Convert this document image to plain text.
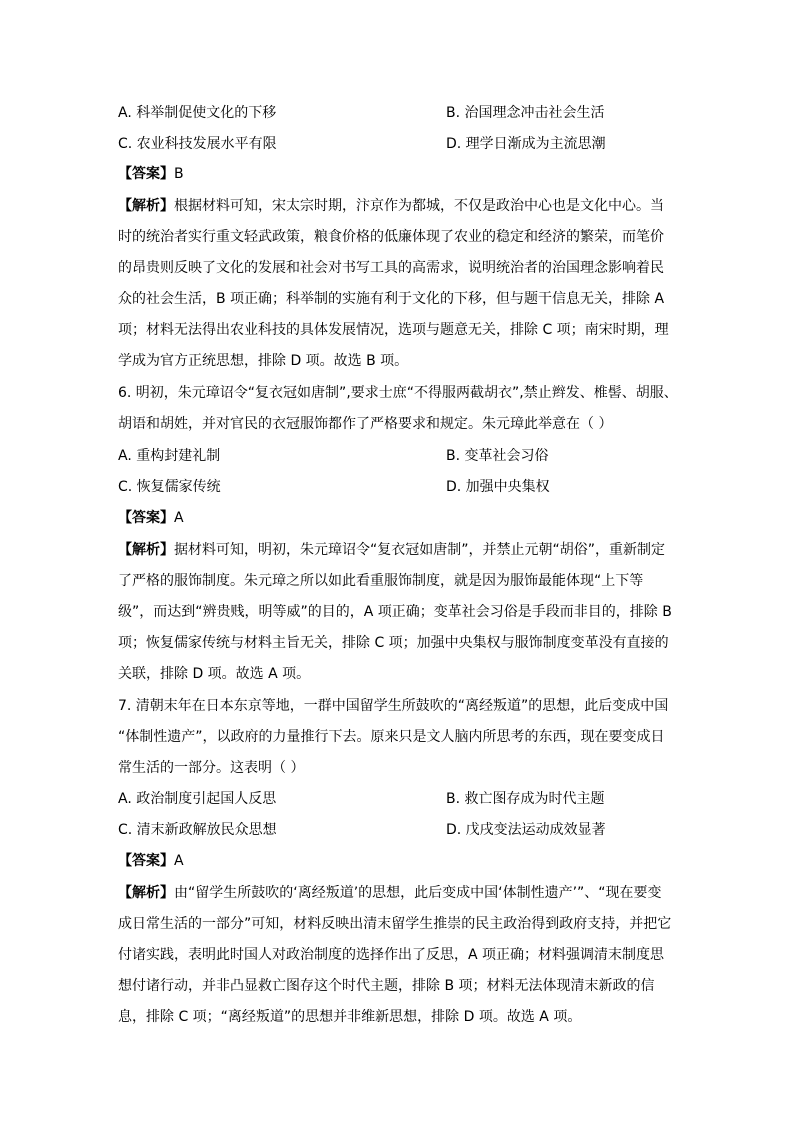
A. 科举制促使文化的下移	B. 治国理念冲击社会生活
C. 农业科技发展水平有限	D. 理学日渐成为主流思潮
【答案】B
【解析】根据材料可知，宋太宗时期，汴京作为都城，不仅是政治中心也是文化中心。当
时的统治者实行重文轻武政策，粮食价格的低廉体现了农业的稳定和经济的繁荣，而笔价
的昂贵则反映了文化的发展和社会对书写工具的高需求，说明统治者的治国理念影响着民
众的社会生活，B 项正确；科举制的实施有利于文化的下移，但与题干信息无关，排除 A
项；材料无法得出农业科技的具体发展情况，选项与题意无关，排除 C 项；南宋时期，理
学成为官方正统思想，排除 D 项。故选 B 项。
6. 明初，朱元璋诏令“复衣冠如唐制”,要求士庶“不得服两截胡衣”,禁止辫发、椎髻、胡服、
胡语和胡姓，并对官民的衣冠服饰都作了严格要求和规定。朱元璋此举意在（ ）
A. 重构封建礼制	B. 变革社会习俗
C. 恢复儒家传统	D. 加强中央集权
【答案】A
【解析】据材料可知，明初，朱元璋诏令“复衣冠如唐制”，并禁止元朝“胡俗”，重新制定
了严格的服饰制度。朱元璋之所以如此看重服饰制度，就是因为服饰最能体现“上下等
级”，而达到“辨贵贱，明等威”的目的，A 项正确；变革社会习俗是手段而非目的，排除 B
项；恢复儒家传统与材料主旨无关，排除 C 项；加强中央集权与服饰制度变革没有直接的
关联，排除 D 项。故选 A 项。
7. 清朝末年在日本东京等地，一群中国留学生所鼓吹的“离经叛道”的思想，此后变成中国
“体制性遗产”，以政府的力量推行下去。原来只是文人脑内所思考的东西，现在要变成日
常生活的一部分。这表明（ ）
A. 政治制度引起国人反思	B. 救亡图存成为时代主题
C. 清末新政解放民众思想	D. 戊戌变法运动成效显著
【答案】A
【解析】由“留学生所鼓吹的‘离经叛道’的思想，此后变成中国‘体制性遗产’”、“现在要变
成日常生活的一部分”可知，材料反映出清末留学生推崇的民主政治得到政府支持，并把它
付诸实践，表明此时国人对政治制度的选择作出了反思，A 项正确；材料强调清末制度思
想付诸行动，并非凸显救亡图存这个时代主题，排除 B 项；材料无法体现清末新政的信
息，排除 C 项；“离经叛道”的思想并非维新思想，排除 D 项。故选 A 项。
